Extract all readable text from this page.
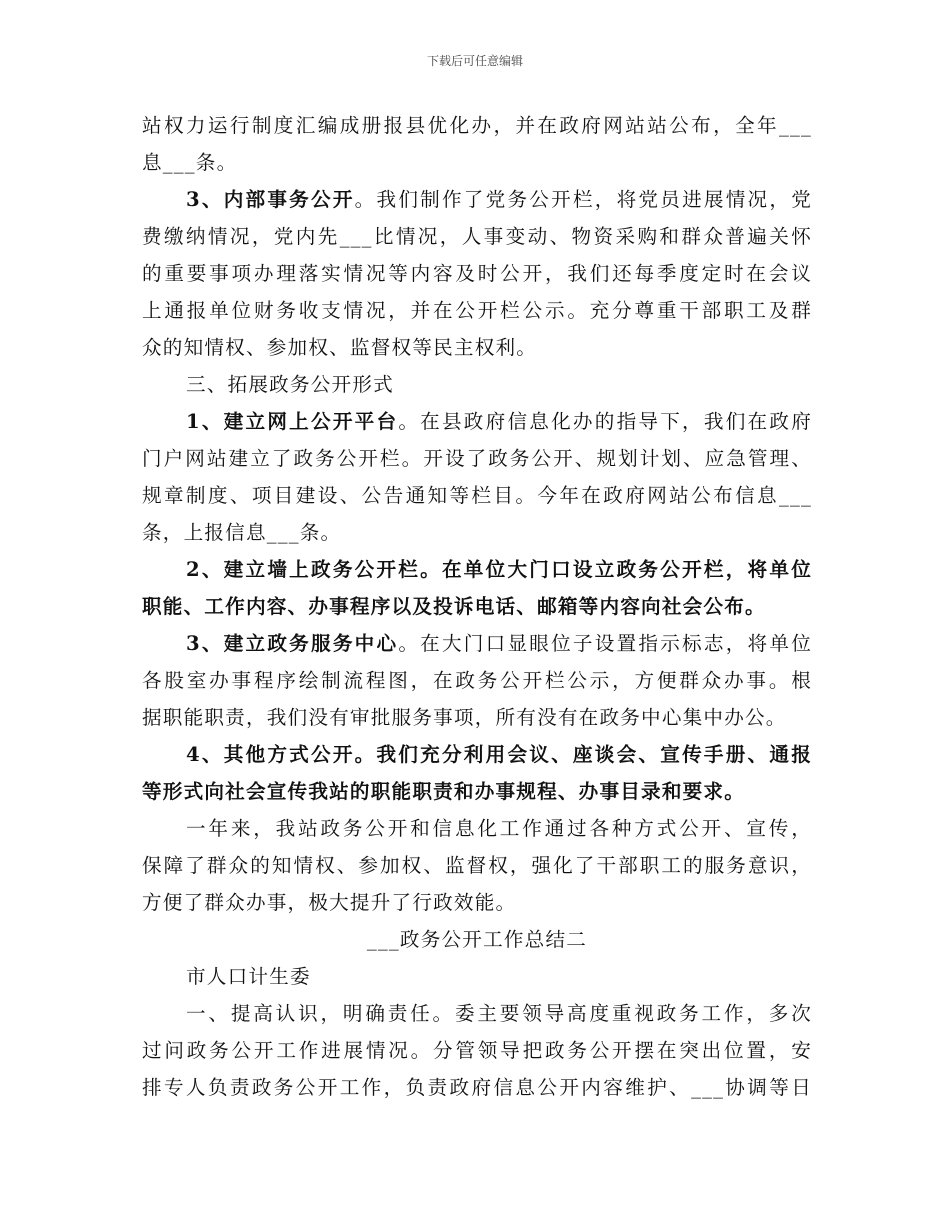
下载后可任意编辑
站权力运行制度汇编成册报县优化办，并在政府网站站公布，全年___
息___条。
3、内部事务公开。我们制作了党务公开栏，将党员进展情况，党
费缴纳情况，党内先___比情况，人事变动、物资采购和群众普遍关怀
的重要事项办理落实情况等内容及时公开，我们还每季度定时在会议
上通报单位财务收支情况，并在公开栏公示。充分尊重干部职工及群
众的知情权、参加权、监督权等民主权利。
三、拓展政务公开形式
1、建立网上公开平台。在县政府信息化办的指导下，我们在政府
门户网站建立了政务公开栏。开设了政务公开、规划计划、应急管理、
规章制度、项目建设、公告通知等栏目。今年在政府网站公布信息___
条，上报信息___条。
2、建立墙上政务公开栏。在单位大门口设立政务公开栏，将单位
职能、工作内容、办事程序以及投诉电话、邮箱等内容向社会公布。
3、建立政务服务中心。在大门口显眼位子设置指示标志，将单位
各股室办事程序绘制流程图，在政务公开栏公示，方便群众办事。根
据职能职责，我们没有审批服务事项，所有没有在政务中心集中办公。
4、其他方式公开。我们充分利用会议、座谈会、宣传手册、通报
等形式向社会宣传我站的职能职责和办事规程、办事目录和要求。
一年来，我站政务公开和信息化工作通过各种方式公开、宣传，
保障了群众的知情权、参加权、监督权，强化了干部职工的服务意识，
方便了群众办事，极大提升了行政效能。
___政务公开工作总结二
市人口计生委
一、提高认识，明确责任。委主要领导高度重视政务工作，多次
过问政务公开工作进展情况。分管领导把政务公开摆在突出位置，安
排专人负责政务公开工作，负责政府信息公开内容维护、___协调等日
